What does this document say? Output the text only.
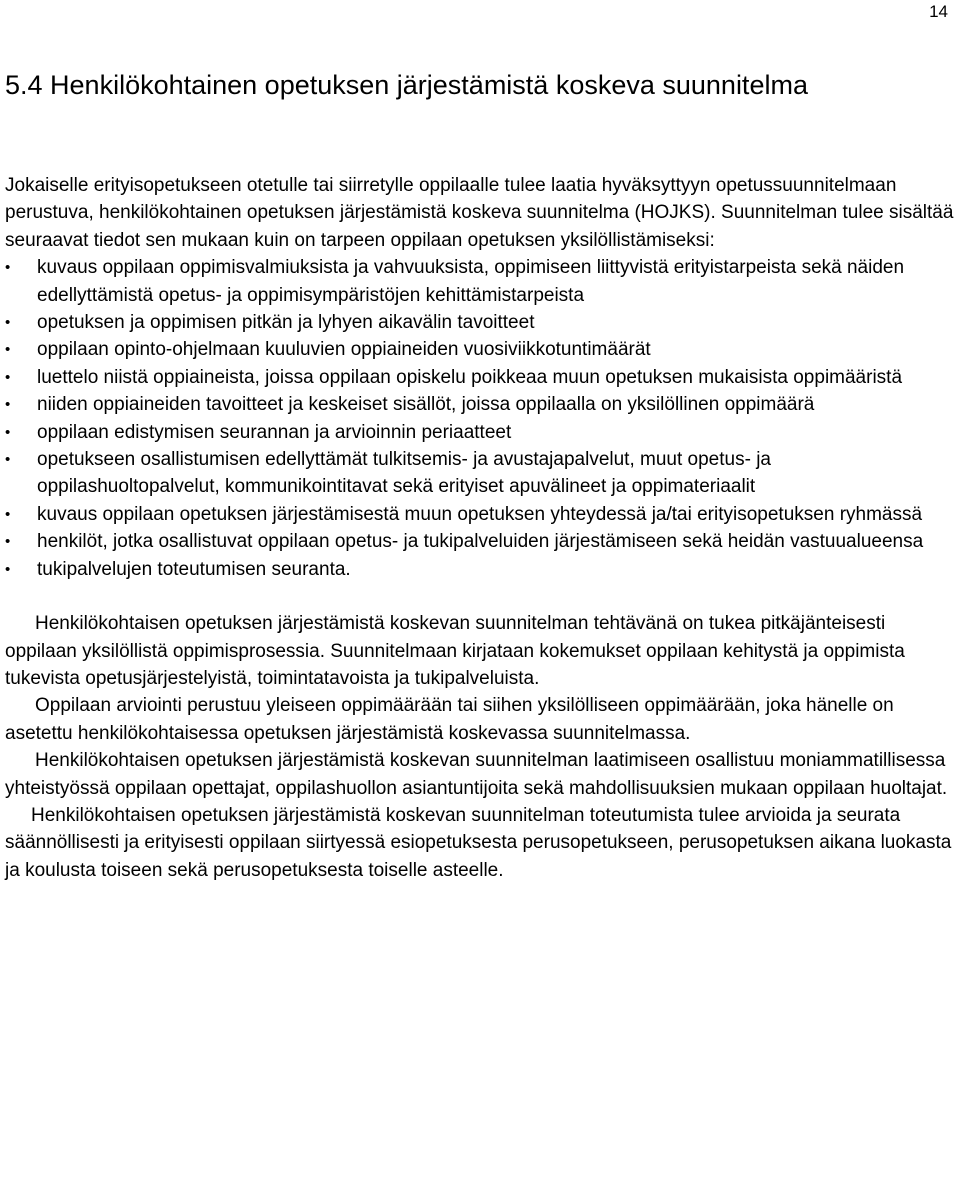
14
5.4 Henkilökohtainen opetuksen järjestämistä koskeva suunnitelma

Jokaiselle erityisopetukseen otetulle tai siirretylle oppilaalle tulee laatia hyväksyttyyn opetussuunnitelmaan perustuva, henkilökohtainen opetuksen järjestämistä koskeva suunnitelma (HOJKS). Suunnitelman tulee sisältää seuraavat tiedot sen mukaan kuin on tarpeen oppilaan opetuksen yksilöllistämiseksi:

•	kuvaus oppilaan oppimisvalmiuksista ja vahvuuksista, oppimiseen liittyvistä erityistarpeista sekä näiden edellyttämistä opetus- ja oppimisympäristöjen kehittämistarpeista
•	opetuksen ja oppimisen pitkän ja lyhyen aikavälin tavoitteet
•	oppilaan opinto-ohjelmaan kuuluvien oppiaineiden vuosiviikkotuntimäärät
•	luettelo niistä oppiaineista, joissa oppilaan opiskelu poikkeaa muun opetuksen mukaisista oppimääristä
•	niiden oppiaineiden tavoitteet ja keskeiset sisällöt, joissa oppilaalla on yksilöllinen oppimäärä
•	oppilaan edistymisen seurannan ja arvioinnin periaatteet
•	opetukseen osallistumisen edellyttämät tulkitsemis- ja avustajapalvelut, muut opetus- ja oppilashuoltopalvelut, kommunikointitavat sekä erityiset apuvälineet ja oppimateriaalit
•	kuvaus oppilaan opetuksen järjestämisestä muun opetuksen yhteydessä ja/tai erityisopetuksen ryhmässä
•	henkilöt, jotka osallistuvat oppilaan opetus- ja tukipalveluiden järjestämiseen sekä heidän vastuualueensa
•	tukipalvelujen toteutumisen seuranta.

Henkilökohtaisen opetuksen järjestämistä koskevan suunnitelman tehtävänä on tukea pitkäjänteisesti oppilaan yksilöllistä oppimisprosessia. Suunnitelmaan kirjataan kokemukset oppilaan kehitystä ja oppimista tukevista opetusjärjestelyistä, toimintatavoista ja tukipalveluista.

Oppilaan arviointi perustuu yleiseen oppimäärään tai siihen yksilölliseen oppimäärään, joka hänelle on asetettu henkilökohtaisessa opetuksen järjestämistä koskevassa suunnitelmassa.

Henkilökohtaisen opetuksen järjestämistä koskevan suunnitelman laatimiseen osallistuu moniammatillisessa yhteistyössä oppilaan opettajat, oppilashuollon asiantuntijoita sekä mahdollisuuksien mukaan oppilaan huoltajat.

Henkilökohtaisen opetuksen järjestämistä koskevan suunnitelman toteutumista tulee arvioida ja seurata säännöllisesti ja erityisesti oppilaan siirtyessä esiopetuksesta perusopetukseen, perusopetuksen aikana luokasta ja koulusta toiseen sekä perusopetuksesta toiselle asteelle.
